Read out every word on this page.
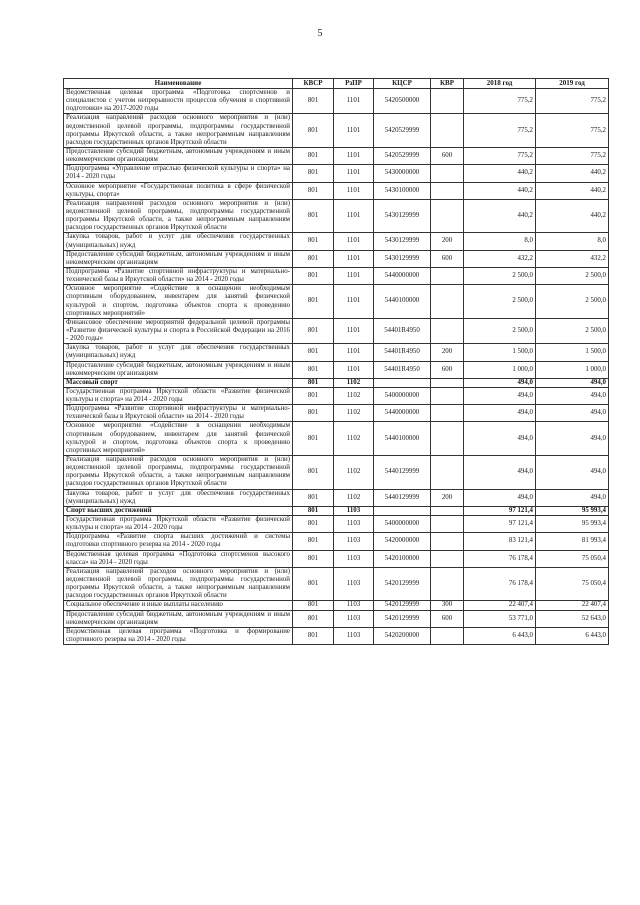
5
Наименование	КВСР	РзПР	КЦСР	КВР	2018 год	2019 год
Ведомственная целевая программа «Подготовка спортсменов и специалистов с учетом непрерывности процессов обучения и спортивной подготовки» на 2017-2020 годы	801	1101	5420500000		775,2	775,2
Реализация направлений расходов основного мероприятия и (или) ведомственной целевой программы, подпрограммы государственной программы Иркутской области, а также непрограммным направлениям расходов государственных органов Иркутской области	801	1101	5420529999		775,2	775,2
Предоставление субсидий бюджетным, автономным учреждениям и иным некоммерческим организациям	801	1101	5420529999	600	775,2	775,2
Подпрограмма «Управление отраслью физической культуры и спорта» на 2014 - 2020 годы	801	1101	5430000000		440,2	440,2
Основное мероприятие «Государственная политика в сфере физической культуры, спорта»	801	1101	5430100000		440,2	440,2
Реализация направлений расходов основного мероприятия и (или) ведомственной целевой программы, подпрограммы государственной программы Иркутской области, а также непрограммным направлениям расходов государственных органов Иркутской области	801	1101	5430129999		440,2	440,2
Закупка товаров, работ и услуг для обеспечения государственных (муниципальных) нужд	801	1101	5430129999	200	8,0	8,0
Предоставление субсидий бюджетным, автономным учреждениям и иным некоммерческим организациям	801	1101	5430129999	600	432,2	432,2
Подпрограмма «Развитие спортивной инфраструктуры и материально- технической базы в Иркутской области» на 2014 - 2020 годы	801	1101	5440000000		2 500,0	2 500,0
Основное мероприятие «Содействие в оснащении необходимым спортивным оборудованием, инвентарем для занятий физической культурой и спортом, подготовка объектов спорта к проведению спортивных мероприятий»	801	1101	5440100000		2 500,0	2 500,0
Финансовое обеспечение мероприятий федеральной целевой программы «Развитие физической культуры и спорта в Российской Федерации на 2016 - 2020 годы»	801	1101	54401R4950		2 500,0	2 500,0
Закупка товаров, работ и услуг для обеспечения государственных (муниципальных) нужд	801	1101	54401R4950	200	1 500,0	1 500,0
Предоставление субсидий бюджетным, автономным учреждениям и иным некоммерческим организациям	801	1101	54401R4950	600	1 000,0	1 000,0
Массовый спорт	801	1102			494,0	494,0
Государственная программа Иркутской области «Развитие физической культуры и спорта» на 2014 - 2020 годы	801	1102	5400000000		494,0	494,0
Подпрограмма «Развитие спортивной инфраструктуры и материально- технической базы в Иркутской области» на 2014 - 2020 годы	801	1102	5440000000		494,0	494,0
Основное мероприятие «Содействие в оснащении необходимым спортивным оборудованием, инвентарем для занятий физической культурой и спортом, подготовка объектов спорта к проведению спортивных мероприятий»	801	1102	5440100000		494,0	494,0
Реализация направлений расходов основного мероприятия и (или) ведомственной целевой программы, подпрограммы государственной программы Иркутской области, а также непрограммным направлениям расходов государственных органов Иркутской области	801	1102	5440129999		494,0	494,0
Закупка товаров, работ и услуг для обеспечения государственных (муниципальных) нужд	801	1102	5440129999	200	494,0	494,0
Спорт высших достижений	801	1103			97 121,4	95 993,4
Государственная программа Иркутской области «Развитие физической культуры и спорта» на 2014 - 2020 годы	801	1103	5400000000		97 121,4	95 993,4
Подпрограмма «Развитие спорта высших достижений и системы подготовки спортивного резерва на 2014 - 2020 годы	801	1103	5420000000		83 121,4	81 993,4
Ведомственная целевая программа «Подготовка спортсменов высокого класса» на 2014 - 2020 годы	801	1103	5420100000		76 178,4	75 050,4
Реализация направлений расходов основного мероприятия и (или) ведомственной целевой программы, подпрограммы государственной программы Иркутской области, а также непрограммным направлениям расходов государственных органов Иркутской области	801	1103	5420129999		76 178,4	75 050,4
Социальное обеспечение и иные выплаты населению	801	1103	5420129999	300	22 407,4	22 407,4
Предоставление субсидий бюджетным, автономным учреждениям и иным некоммерческим организациям	801	1103	5420129999	600	53 771,0	52 643,0
Ведомственная целевая программа «Подготовка и формирование спортивного резерва на 2014 - 2020 годы	801	1103	5420200000		6 443,0	6 443,0
